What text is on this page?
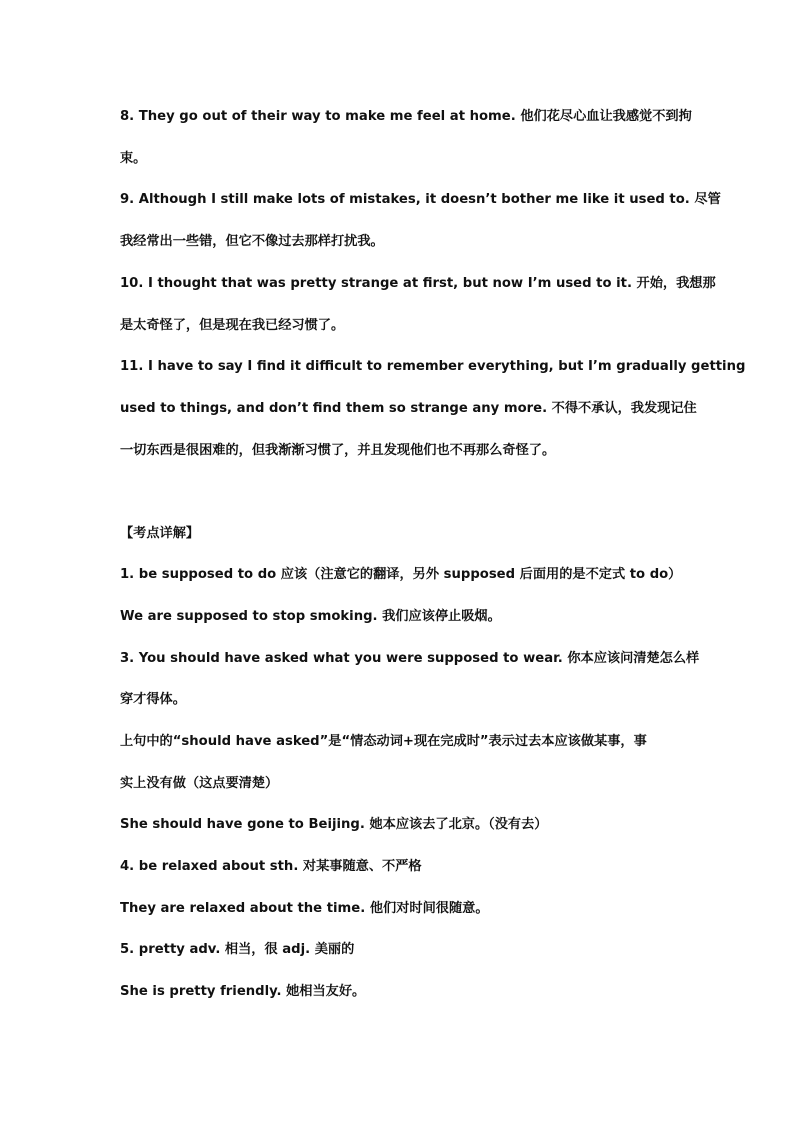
8. They go out of their way to make me feel at home. 他们花尽心血让我感觉不到拘
束。
9. Although I still make lots of mistakes, it doesn’t bother me like it used to. 尽管
我经常出一些错，但它不像过去那样打扰我。
10. I thought that was pretty strange at first, but now I’m used to it. 开始，我想那
是太奇怪了，但是现在我已经习惯了。
11. I have to say I find it difficult to remember everything, but I’m gradually getting
used to things, and don’t find them so strange any more. 不得不承认，我发现记住
一切东西是很困难的，但我渐渐习惯了，并且发现他们也不再那么奇怪了。
【考点详解】
1. be supposed to do 应该（注意它的翻译，另外 supposed 后面用的是不定式 to do）
We are supposed to stop smoking. 我们应该停止吸烟。
3. You should have asked what you were supposed to wear. 你本应该问清楚怎么样
穿才得体。
上句中的“should have asked”是“情态动词+现在完成时”表示过去本应该做某事，事
实上没有做（这点要清楚）
She should have gone to Beijing. 她本应该去了北京。（没有去）
4. be relaxed about sth. 对某事随意、不严格
They are relaxed about the time. 他们对时间很随意。
5. pretty adv. 相当，很 adj. 美丽的
She is pretty friendly. 她相当友好。
